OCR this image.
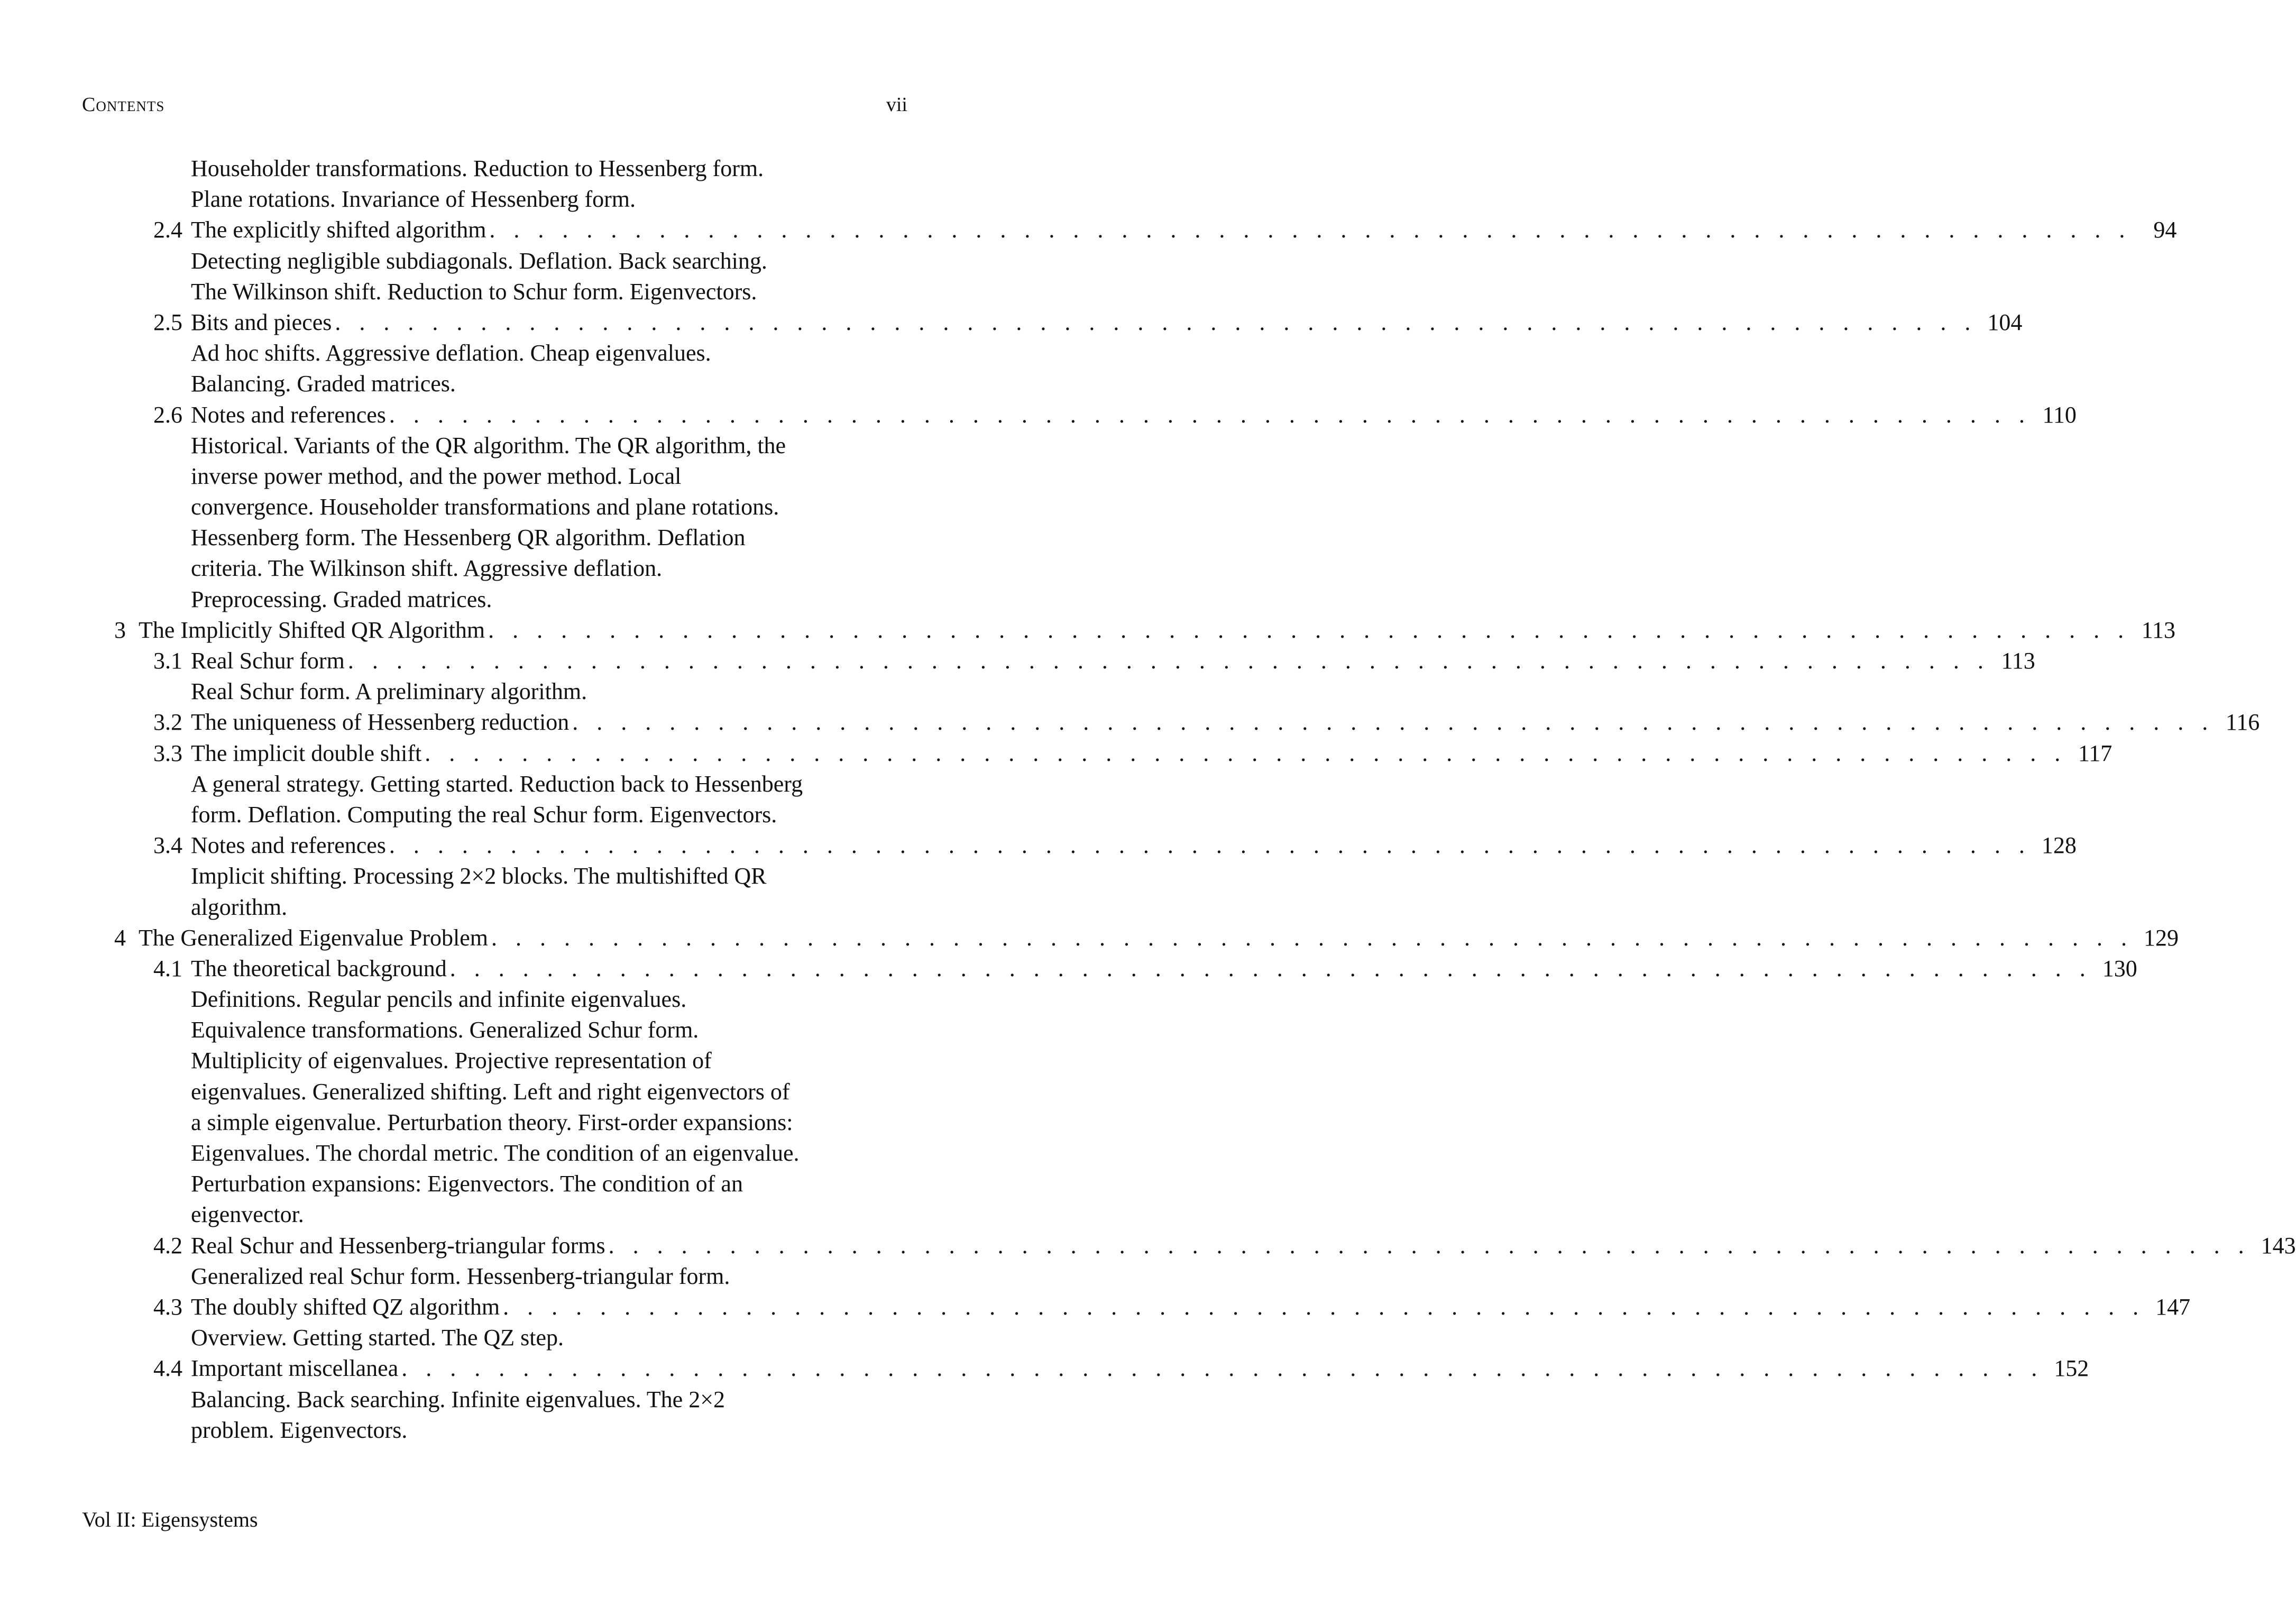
Contents	vii
Householder transformations. Reduction to Hessenberg form.
Plane rotations. Invariance of Hessenberg form.
2.4 The explicitly shifted algorithm . . . . . . . . . . . . . . . . . . . . . . . . . . . . . . . . . . . . . . . . . . . . . . . . . . . . . . . . . . . . . . . . . . . . 94
Detecting negligible subdiagonals. Deflation. Back searching.
The Wilkinson shift. Reduction to Schur form. Eigenvectors.
2.5 Bits and pieces . . . . . . . . . . . . . . . . . . . . . . . . . . . . . . . . . . . . . . . . . . . . . . . . . . . . . . . . . . . . . . . . . . . . 104
Ad hoc shifts. Aggressive deflation. Cheap eigenvalues.
Balancing. Graded matrices.
2.6 Notes and references . . . . . . . . . . . . . . . . . . . . . . . . . . . . . . . . . . . . . . . . . . . . . . . . . . . . . . . . . . . . . . . . . . . . 110
Historical. Variants of the QR algorithm. The QR algorithm, the
inverse power method, and the power method. Local
convergence. Householder transformations and plane rotations.
Hessenberg form. The Hessenberg QR algorithm. Deflation
criteria. The Wilkinson shift. Aggressive deflation.
Preprocessing. Graded matrices.
3 The Implicitly Shifted QR Algorithm . . . . . . . . . . . . . . . . . . . . . . . . . . . . . . . . . . . . . . . . . . . . . . . . . . . . . . . . . . . . . . . . . . . . 113
3.1 Real Schur form . . . . . . . . . . . . . . . . . . . . . . . . . . . . . . . . . . . . . . . . . . . . . . . . . . . . . . . . . . . . . . . . . . . . 113
Real Schur form. A preliminary algorithm.
3.2 The uniqueness of Hessenberg reduction . . . . . . . . . . . . . . . . . . . . . . . . . . . . . . . . . . . . . . . . . . . . . . . . . . . . . . . . . . . . . . . . . . . . 116
3.3 The implicit double shift . . . . . . . . . . . . . . . . . . . . . . . . . . . . . . . . . . . . . . . . . . . . . . . . . . . . . . . . . . . . . . . . . . . . 117
A general strategy. Getting started. Reduction back to Hessenberg
form. Deflation. Computing the real Schur form. Eigenvectors.
3.4 Notes and references . . . . . . . . . . . . . . . . . . . . . . . . . . . . . . . . . . . . . . . . . . . . . . . . . . . . . . . . . . . . . . . . . . . . 128
Implicit shifting. Processing 2×2 blocks. The multishifted QR
algorithm.
4 The Generalized Eigenvalue Problem . . . . . . . . . . . . . . . . . . . . . . . . . . . . . . . . . . . . . . . . . . . . . . . . . . . . . . . . . . . . . . . . . . . . 129
4.1 The theoretical background . . . . . . . . . . . . . . . . . . . . . . . . . . . . . . . . . . . . . . . . . . . . . . . . . . . . . . . . . . . . . . . . . . . . 130
Definitions. Regular pencils and infinite eigenvalues.
Equivalence transformations. Generalized Schur form.
Multiplicity of eigenvalues. Projective representation of
eigenvalues. Generalized shifting. Left and right eigenvectors of
a simple eigenvalue. Perturbation theory. First-order expansions:
Eigenvalues. The chordal metric. The condition of an eigenvalue.
Perturbation expansions: Eigenvectors. The condition of an
eigenvector.
4.2 Real Schur and Hessenberg-triangular forms . . . . . . . . . . . . . . . . . . . . . . . . . . . . . . . . . . . . . . . . . . . . . . . . . . . . . . . . . . . . . . . . . . . . 143
Generalized real Schur form. Hessenberg-triangular form.
4.3 The doubly shifted QZ algorithm . . . . . . . . . . . . . . . . . . . . . . . . . . . . . . . . . . . . . . . . . . . . . . . . . . . . . . . . . . . . . . . . . . . . 147
Overview. Getting started. The QZ step.
4.4 Important miscellanea . . . . . . . . . . . . . . . . . . . . . . . . . . . . . . . . . . . . . . . . . . . . . . . . . . . . . . . . . . . . . . . . . . . . 152
Balancing. Back searching. Infinite eigenvalues. The 2×2
problem. Eigenvectors.
Vol II: Eigensystems
